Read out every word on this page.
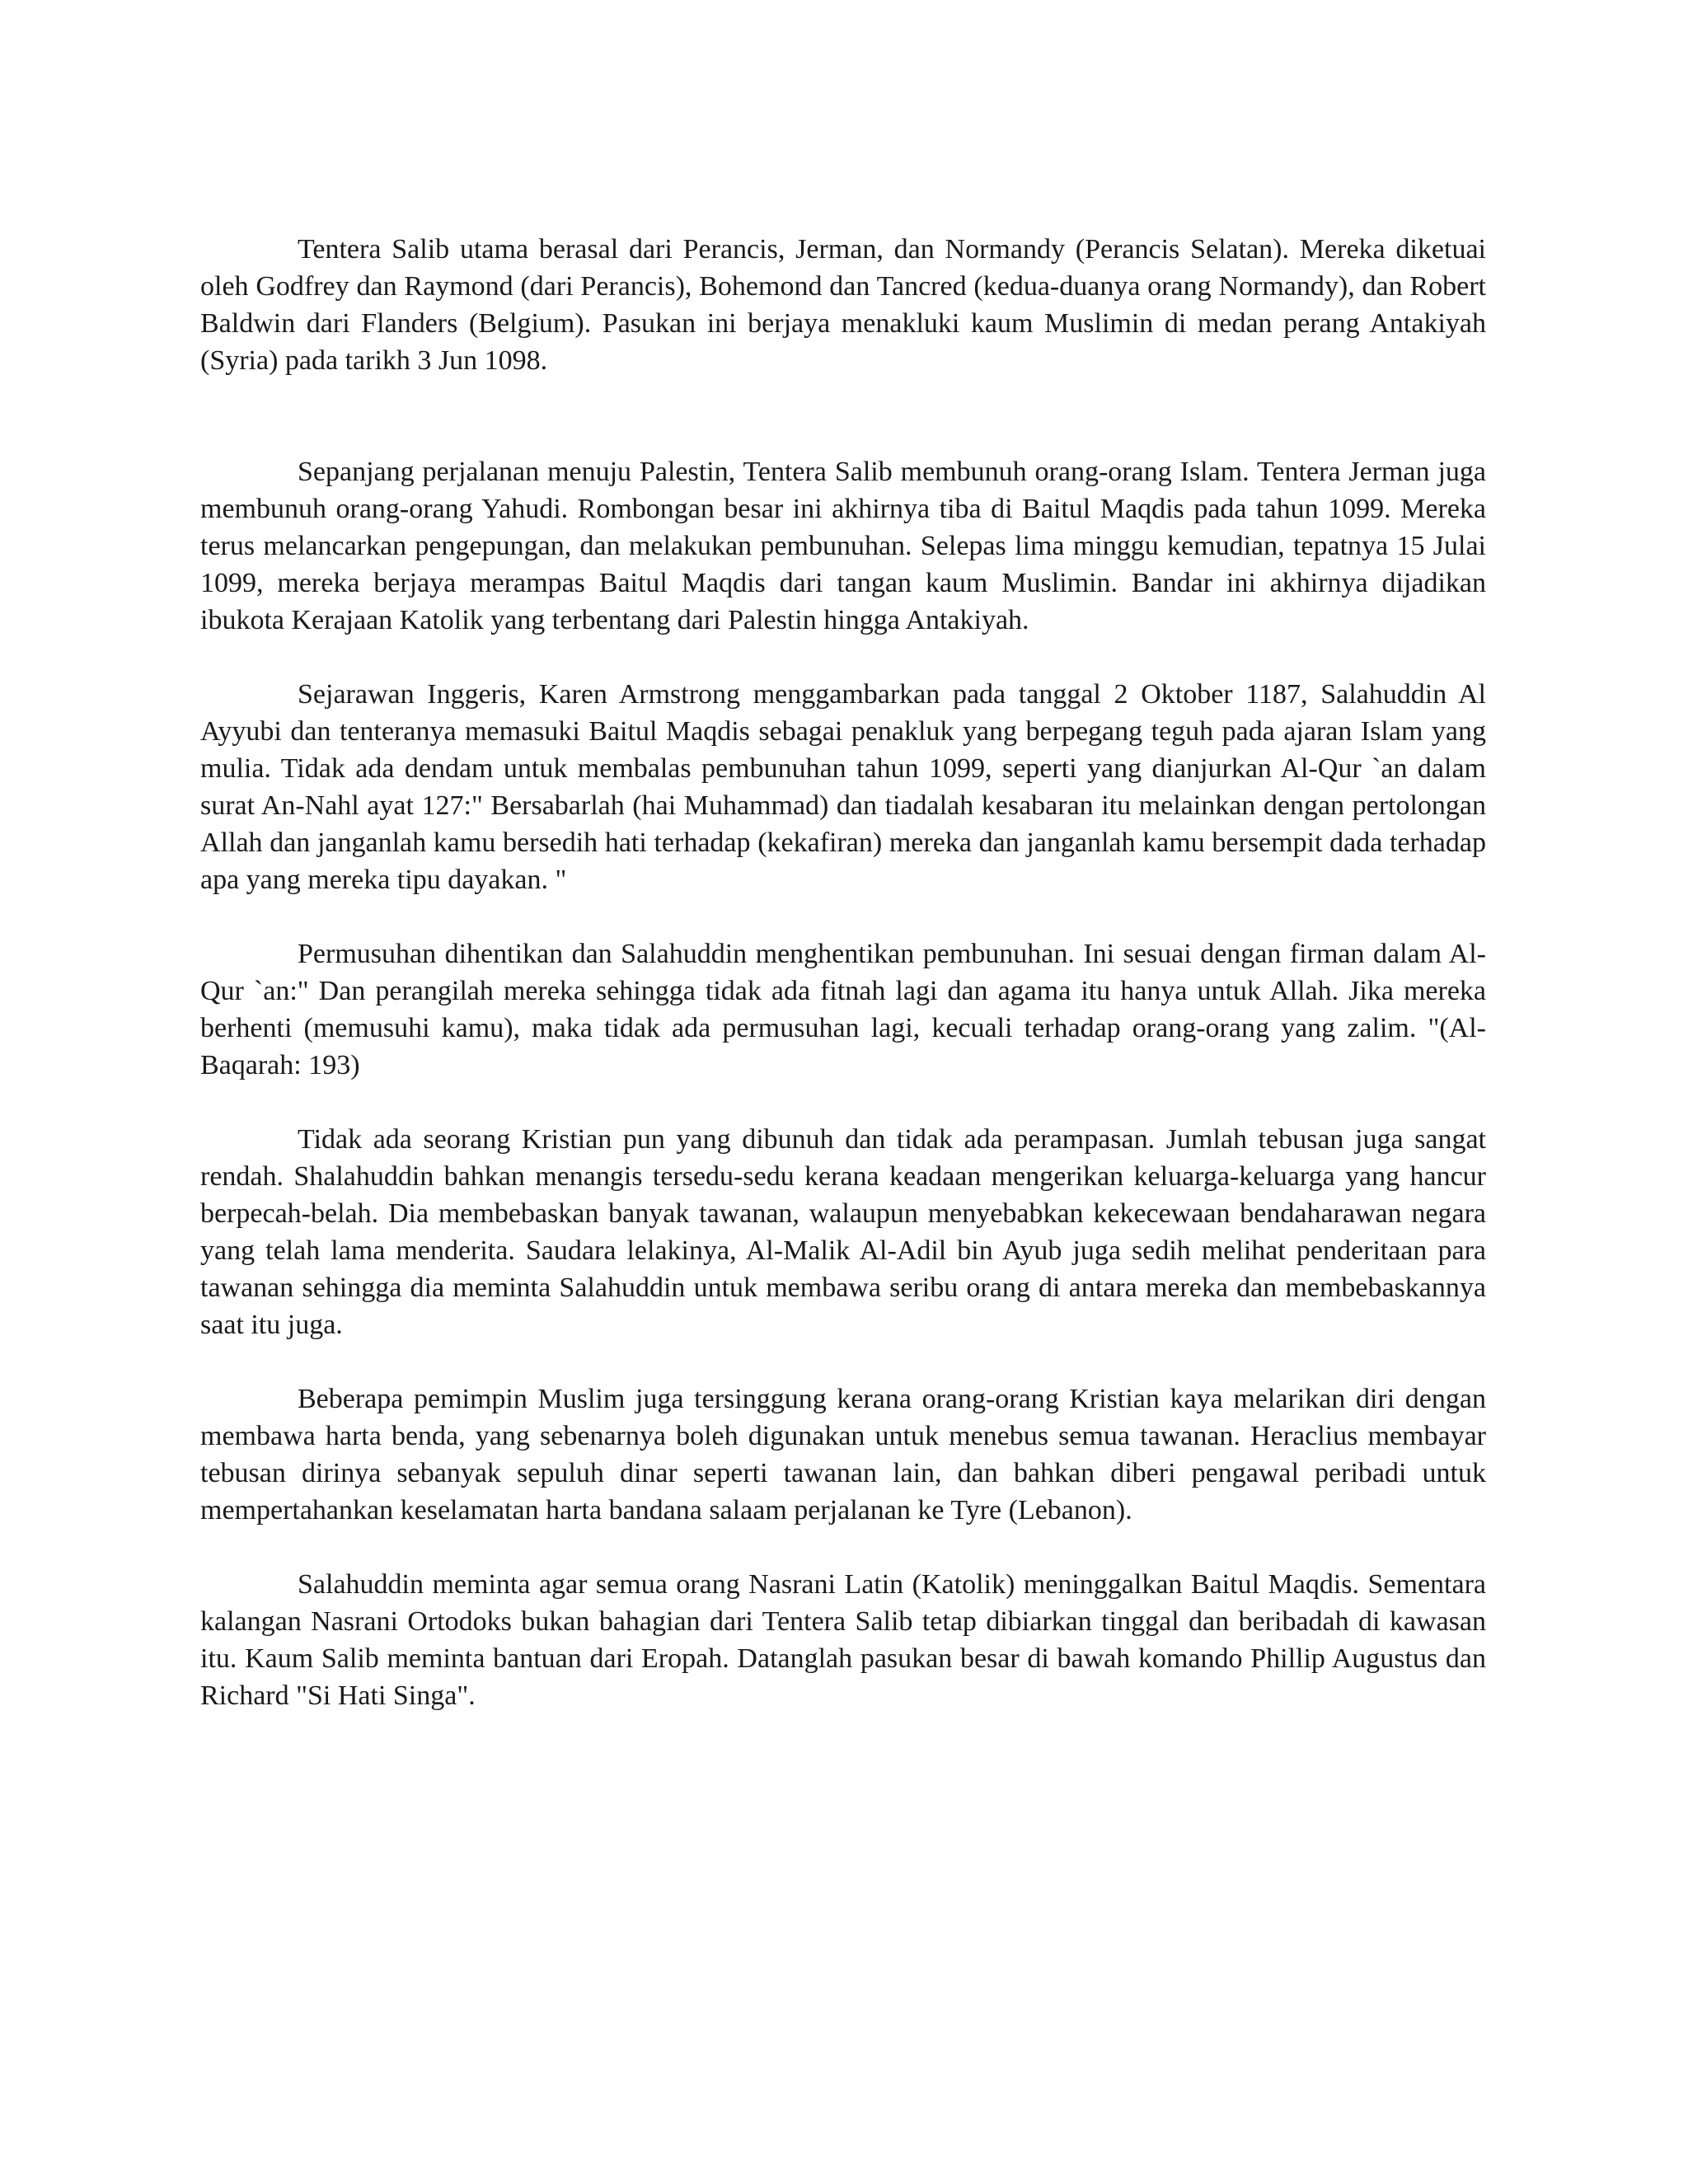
Tentera Salib utama berasal dari Perancis, Jerman, dan Normandy (Perancis Selatan). Mereka diketuai oleh Godfrey dan Raymond (dari Perancis), Bohemond dan Tancred (kedua-duanya orang Normandy), dan Robert Baldwin dari Flanders (Belgium). Pasukan ini berjaya menakluki kaum Muslimin di medan perang Antakiyah (Syria) pada tarikh 3 Jun 1098.

Sepanjang perjalanan menuju Palestin, Tentera Salib membunuh orang-orang Islam. Tentera Jerman juga membunuh orang-orang Yahudi. Rombongan besar ini akhirnya tiba di Baitul Maqdis pada tahun 1099. Mereka terus melancarkan pengepungan, dan melakukan pembunuhan. Selepas lima minggu kemudian, tepatnya 15 Julai 1099, mereka berjaya merampas Baitul Maqdis dari tangan kaum Muslimin. Bandar ini akhirnya dijadikan ibukota Kerajaan Katolik yang terbentang dari Palestin hingga Antakiyah.

Sejarawan Inggeris, Karen Armstrong menggambarkan pada tanggal 2 Oktober 1187, Salahuddin Al Ayyubi dan tenteranya memasuki Baitul Maqdis sebagai penakluk yang berpegang teguh pada ajaran Islam yang mulia. Tidak ada dendam untuk membalas pembunuhan tahun 1099, seperti yang dianjurkan Al-Qur `an dalam surat An-Nahl ayat 127:" Bersabarlah (hai Muhammad) dan tiadalah kesabaran itu melainkan dengan pertolongan Allah dan janganlah kamu bersedih hati terhadap (kekafiran) mereka dan janganlah kamu bersempit dada terhadap apa yang mereka tipu dayakan. "

Permusuhan dihentikan dan Salahuddin menghentikan pembunuhan. Ini sesuai dengan firman dalam Al-Qur `an:" Dan perangilah mereka sehingga tidak ada fitnah lagi dan agama itu hanya untuk Allah. Jika mereka berhenti (memusuhi kamu), maka tidak ada permusuhan lagi, kecuali terhadap orang-orang yang zalim. "(Al-Baqarah: 193)

Tidak ada seorang Kristian pun yang dibunuh dan tidak ada perampasan. Jumlah tebusan juga sangat rendah. Shalahuddin bahkan menangis tersedu-sedu kerana keadaan mengerikan keluarga-keluarga yang hancur berpecah-belah. Dia membebaskan banyak tawanan, walaupun menyebabkan kekecewaan bendaharawan negara yang telah lama menderita. Saudara lelakinya, Al-Malik Al-Adil bin Ayub juga sedih melihat penderitaan para tawanan sehingga dia meminta Salahuddin untuk membawa seribu orang di antara mereka dan membebaskannya saat itu juga.

Beberapa pemimpin Muslim juga tersinggung kerana orang-orang Kristian kaya melarikan diri dengan membawa harta benda, yang sebenarnya boleh digunakan untuk menebus semua tawanan. Heraclius membayar tebusan dirinya sebanyak sepuluh dinar seperti tawanan lain, dan bahkan diberi pengawal peribadi untuk mempertahankan keselamatan harta bandana salaam perjalanan ke Tyre (Lebanon).

Salahuddin meminta agar semua orang Nasrani Latin (Katolik) meninggalkan Baitul Maqdis. Sementara kalangan Nasrani Ortodoks bukan bahagian dari Tentera Salib tetap dibiarkan tinggal dan beribadah di kawasan itu. Kaum Salib meminta bantuan dari Eropah. Datanglah pasukan besar di bawah komando Phillip Augustus dan Richard "Si Hati Singa".
